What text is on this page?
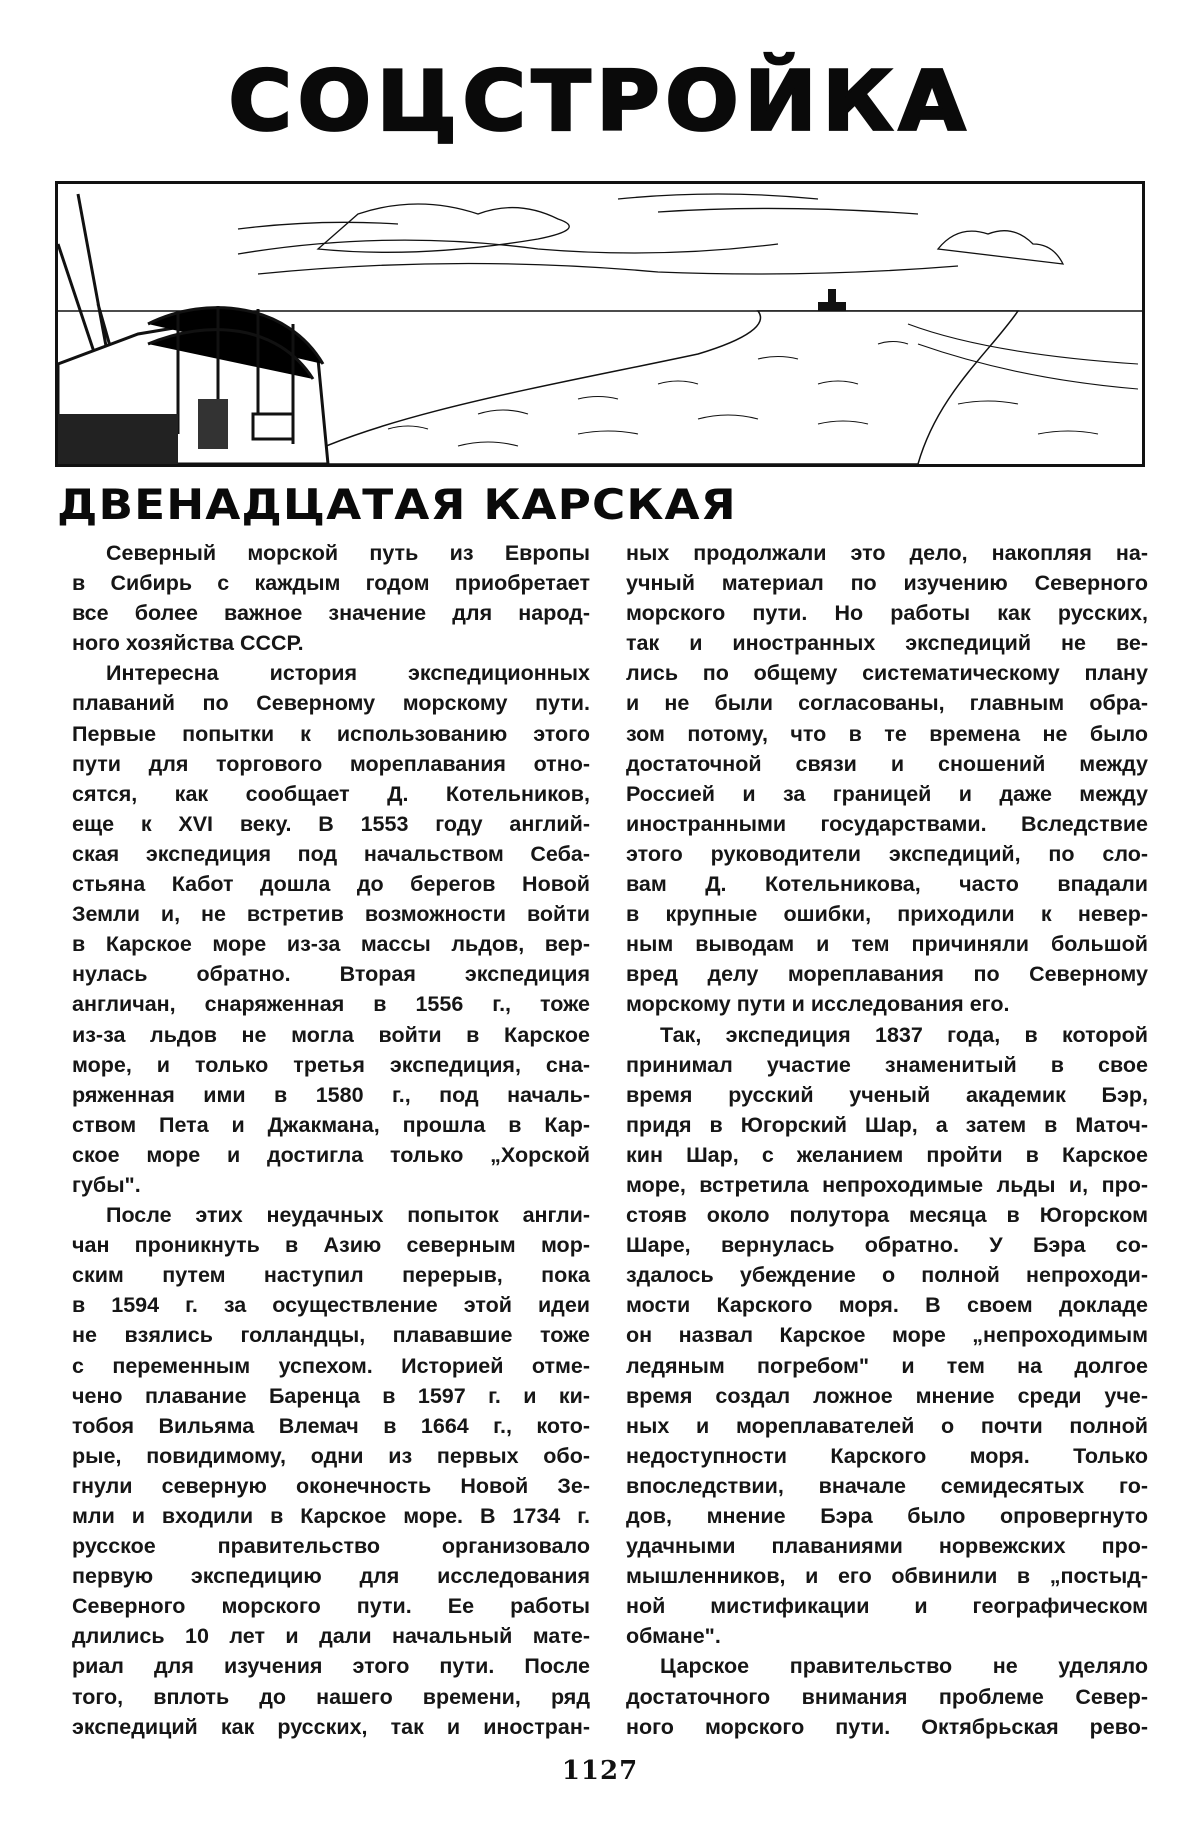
СОЦСТРОЙКА
ДВЕНАДЦАТАЯ КАРСКАЯ
Северный морской путь из Европы
в Сибирь с каждым годом приобретает
все более важное значение для народ-
ного хозяйства СССР.
Интересна история экспедиционных
плаваний по Северному морскому пути.
Первые попытки к использованию этого
пути для торгового мореплавания отно-
сятся, как сообщает Д. Котельников,
еще к XVI веку. В 1553 году англий-
ская экспедиция под начальством Себа-
стьяна Кабот дошла до берегов Новой
Земли и, не встретив возможности войти
в Карское море из-за массы льдов, вер-
нулась обратно. Вторая экспедиция
англичан, снаряженная в 1556 г., тоже
из-за льдов не могла войти в Карское
море, и только третья экспедиция, сна-
ряженная ими в 1580 г., под началь-
ством Пета и Джакмана, прошла в Кар-
ское море и достигла только „Хорской
губы".
После этих неудачных попыток англи-
чан проникнуть в Азию северным мор-
ским путем наступил перерыв, пока
в 1594 г. за осуществление этой идеи
не взялись голландцы, плававшие тоже
с переменным успехом. Историей отме-
чено плавание Баренца в 1597 г. и ки-
тобоя Вильяма Влемач в 1664 г., кото-
рые, повидимому, одни из первых обо-
гнули северную оконечность Новой Зе-
мли и входили в Карское море. В 1734 г.
русское правительство организовало
первую экспедицию для исследования
Северного морского пути. Ее работы
длились 10 лет и дали начальный мате-
риал для изучения этого пути. После
того, вплоть до нашего времени, ряд
экспедиций как русских, так и иностран-
ных продолжали это дело, накопляя на-
учный материал по изучению Северного
морского пути. Но работы как русских,
так и иностранных экспедиций не ве-
лись по общему систематическому плану
и не были согласованы, главным обра-
зом потому, что в те времена не было
достаточной связи и сношений между
Россией и за границей и даже между
иностранными государствами. Вследствие
этого руководители экспедиций, по сло-
вам Д. Котельникова, часто впадали
в крупные ошибки, приходили к невер-
ным выводам и тем причиняли большой
вред делу мореплавания по Северному
морскому пути и исследования его.
Так, экспедиция 1837 года, в которой
принимал участие знаменитый в свое
время русский ученый академик Бэр,
придя в Югорский Шар, а затем в Маточ-
кин Шар, с желанием пройти в Карское
море, встретила непроходимые льды и, про-
стояв около полутора месяца в Югорском
Шаре, вернулась обратно. У Бэра со-
здалось убеждение о полной непроходи-
мости Карского моря. В своем докладе
он назвал Карское море „непроходимым
ледяным погребом" и тем на долгое
время создал ложное мнение среди уче-
ных и мореплавателей о почти полной
недоступности Карского моря. Только
впоследствии, вначале семидесятых го-
дов, мнение Бэра было опровергнуто
удачными плаваниями норвежских про-
мышленников, и его обвинили в „постыд-
ной мистификации и географическом
обмане".
Царское правительство не уделяло
достаточного внимания проблеме Север-
ного морского пути. Октябрьская рево-
1127
